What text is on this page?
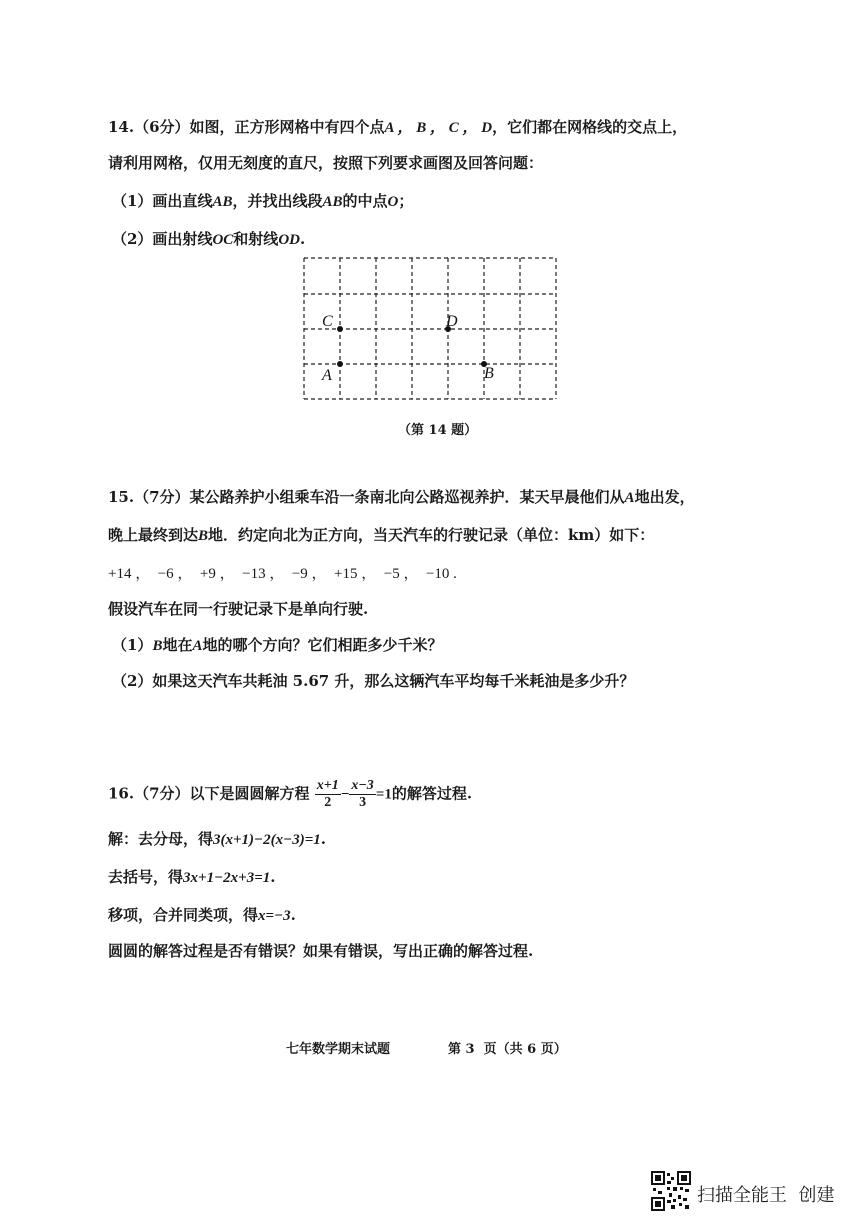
14.（6分）如图，正方形网格中有四个点A ， B ， C ， D，它们都在网格线的交点上，
请利用网格，仅用无刻度的直尺，按照下列要求画图及回答问题：
（1）画出直线AB，并找出线段AB的中点O；
（2）画出射线OC和射线OD.
C	D
A	B
（第 14 题）
15.（7分）某公路养护小组乘车沿一条南北向公路巡视养护．某天早晨他们从A地出发，
晚上最终到达B地．约定向北为正方向，当天汽车的行驶记录（单位：km）如下：
+14 ，  −6 ，  +9 ，  −13 ，  −9 ，  +15 ，  −5 ，  −10 .
假设汽车在同一行驶记录下是单向行驶.
（1）B地在A地的哪个方向？它们相距多少千米？
（2）如果这天汽车共耗油 5.67 升，那么这辆汽车平均每千米耗油是多少升？
16.（7分）以下是圆圆解方程 $\frac{x+1}{2} - \frac{x-3}{3} =1$的解答过程.
解：去分母，得3(x+1)−2(x−3)=1.
去括号，得3x+1−2x+3=1.
移项，合并同类项，得x=−3.
圆圆的解答过程是否有错误？如果有错误，写出正确的解答过程.
七年数学期末试题	第 3  页（共 6 页）
扫描全能王  创建
